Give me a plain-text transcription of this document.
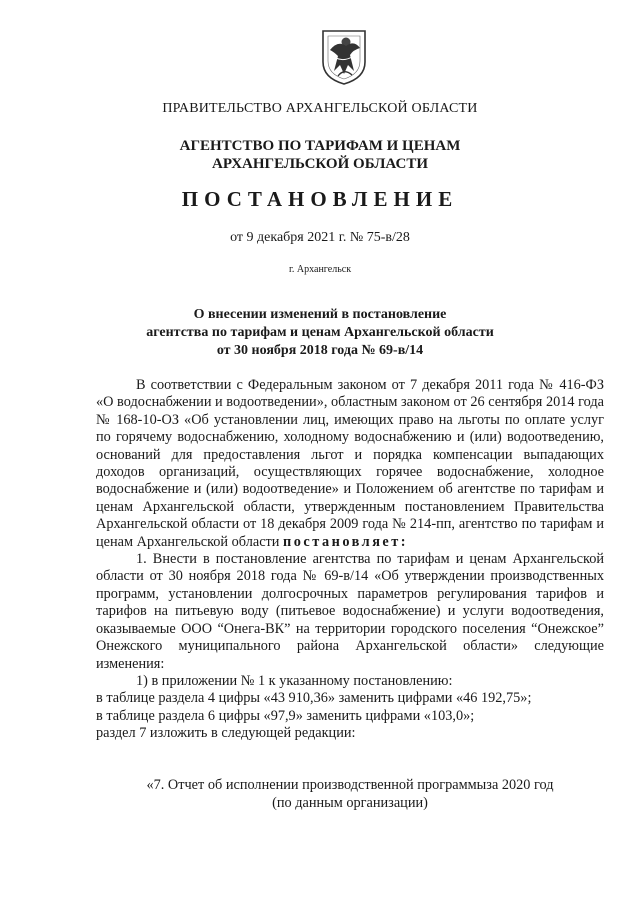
ПРАВИТЕЛЬСТВО АРХАНГЕЛЬСКОЙ ОБЛАСТИ
АГЕНТСТВО ПО ТАРИФАМ И ЦЕНАМ
АРХАНГЕЛЬСКОЙ ОБЛАСТИ
ПОСТАНОВЛЕНИЕ
от 9 декабря 2021 г. № 75-в/28
г. Архангельск
О внесении изменений в постановление
агентства по тарифам и ценам Архангельской области
от 30 ноября 2018 года № 69-в/14

В соответствии с Федеральным законом от 7 декабря 2011 года № 416-ФЗ «О водоснабжении и водоотведении», областным законом от 26 сентября 2014 года № 168-10-ОЗ «Об установлении лиц, имеющих право на льготы по оплате услуг по горячему водоснабжению, холодному водоснабжению и (или) водоотведению, оснований для предоставления льгот и порядка компенсации выпадающих доходов организаций, осуществляющих горячее водоснабжение, холодное водоснабжение и (или) водоотведение» и Положением об агентстве по тарифам и ценам Архангельской области, утвержденным постановлением Правительства Архангельской области от 18 декабря 2009 года № 214-пп, агентство по тарифам и ценам Архангельской области постановляет:

1. Внести в постановление агентства по тарифам и ценам Архангельской области от 30 ноября 2018 года № 69-в/14 «Об утверждении производственных программ, установлении долгосрочных параметров регулирования тарифов и тарифов на питьевую воду (питьевое водоснабжение) и услуги водоотведения, оказываемые ООО “Онега-ВК” на территории городского поселения “Онежское” Онежского муниципального района Архангельской области» следующие изменения:

1) в приложении № 1 к указанному постановлению:

в таблице раздела 4 цифры «43 910,36» заменить цифрами «46 192,75»;

в таблице раздела 6 цифры «97,9» заменить цифрами «103,0»;

раздел 7 изложить в следующей редакции:

«7. Отчет об исполнении производственной программыза 2020 год
(по данным организации)
